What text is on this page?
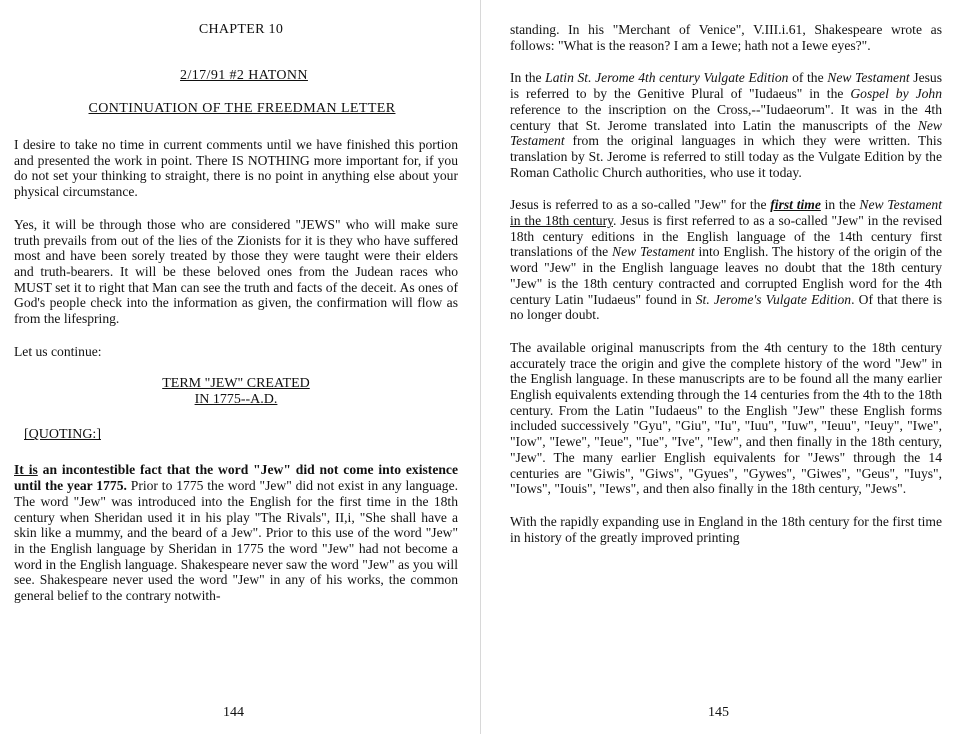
CHAPTER 10
2/17/91 #2 HATONN
CONTINUATION OF THE FREEDMAN LETTER

I desire to take no time in current comments until we have finished this portion and presented the work in point. There IS NOTHING more important for, if you do not set your thinking to straight, there is no point in anything else about your physical circumstance.

Yes, it will be through those who are considered "JEWS" who will make sure truth prevails from out of the lies of the Zionists for it is they who have suffered most and have been sorely treated by those they were taught were their elders and truth-bearers. It will be these beloved ones from the Judean races who MUST set it to right that Man can see the truth and facts of the deceit. As ones of God's people check into the information as given, the confirmation will flow as from the lifespring.

Let us continue:

TERM "JEW" CREATED
IN 1775--A.D.
[QUOTING:]

It is an incontestible fact that the word "Jew" did not come into existence until the year 1775. Prior to 1775 the word "Jew" did not exist in any language. The word "Jew" was introduced into the English for the first time in the 18th century when Sheridan used it in his play "The Rivals", II,i, "She shall have a skin like a mummy, and the beard of a Jew". Prior to this use of the word "Jew" in the English language by Sheridan in 1775 the word "Jew" had not become a word in the English language. Shakespeare never saw the word "Jew" as you will see. Shakespeare never used the word "Jew" in any of his works, the common general belief to the contrary notwith-

144

standing. In his "Merchant of Venice", V.III.i.61, Shakespeare wrote as follows: "What is the reason? I am a Iewe; hath not a Iewe eyes?".

In the Latin St. Jerome 4th century Vulgate Edition of the New Testament Jesus is referred to by the Genitive Plural of "Iudaeus" in the Gospel by John reference to the inscription on the Cross,--"Iudaeorum". It was in the 4th century that St. Jerome translated into Latin the manuscripts of the New Testament from the original languages in which they were written. This translation by St. Jerome is referred to still today as the Vulgate Edition by the Roman Catholic Church authorities, who use it today.

Jesus is referred to as a so-called "Jew" for the first time in the New Testament in the 18th century. Jesus is first referred to as a so-called "Jew" in the revised 18th century editions in the English language of the 14th century first translations of the New Testament into English. The history of the origin of the word "Jew" in the English language leaves no doubt that the 18th century "Jew" is the 18th century contracted and corrupted English word for the 4th century Latin "Iudaeus" found in St. Jerome's Vulgate Edition. Of that there is no longer doubt.

The available original manuscripts from the 4th century to the 18th century accurately trace the origin and give the complete history of the word "Jew" in the English language. In these manuscripts are to be found all the many earlier English equivalents extending through the 14 centuries from the 4th to the 18th century. From the Latin "Iudaeus" to the English "Jew" these English forms included successively "Gyu", "Giu", "Iu", "Iuu", "Iuw", "Ieuu", "Ieuy", "Iwe", "Iow", "Iewe", "Ieue", "Iue", "Ive", "Iew", and then finally in the 18th century, "Jew". The many earlier English equivalents for "Jews" through the 14 centuries are "Giwis", "Giws", "Gyues", "Gywes", "Giwes", "Geus", "Iuys", "Iows", "Iouis", "Iews", and then also finally in the 18th century, "Jews".

With the rapidly expanding use in England in the 18th century for the first time in history of the greatly improved printing

145
